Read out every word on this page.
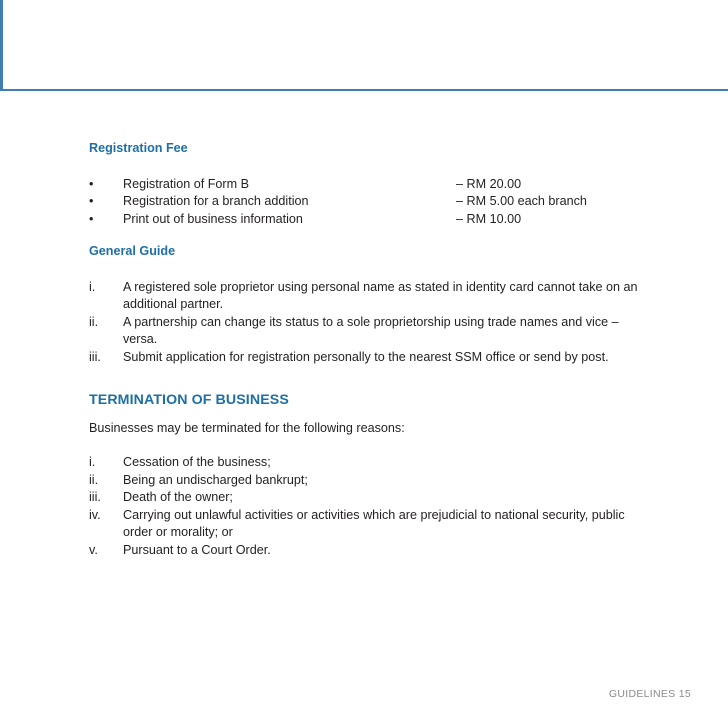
Registration Fee
• Registration of Form B	– RM 20.00
• Registration for a branch addition	– RM 5.00 each branch
• Print out of business information	– RM 10.00
General Guide
i.	A registered sole proprietor using personal name as stated in identity card cannot take on an additional partner.
ii.	A partnership can change its status to a sole proprietorship using trade names and vice – versa.
iii.	Submit application for registration personally to the nearest SSM office or send by post.
TERMINATION OF BUSINESS
Businesses may be terminated for the following reasons:
i.	Cessation of the business;
ii.	Being an undischarged bankrupt;
iii.	Death of the owner;
iv.	Carrying out unlawful activities or activities which are prejudicial to national security, public order or morality; or
v.	Pursuant to a Court Order.
GUIDELINES 15
